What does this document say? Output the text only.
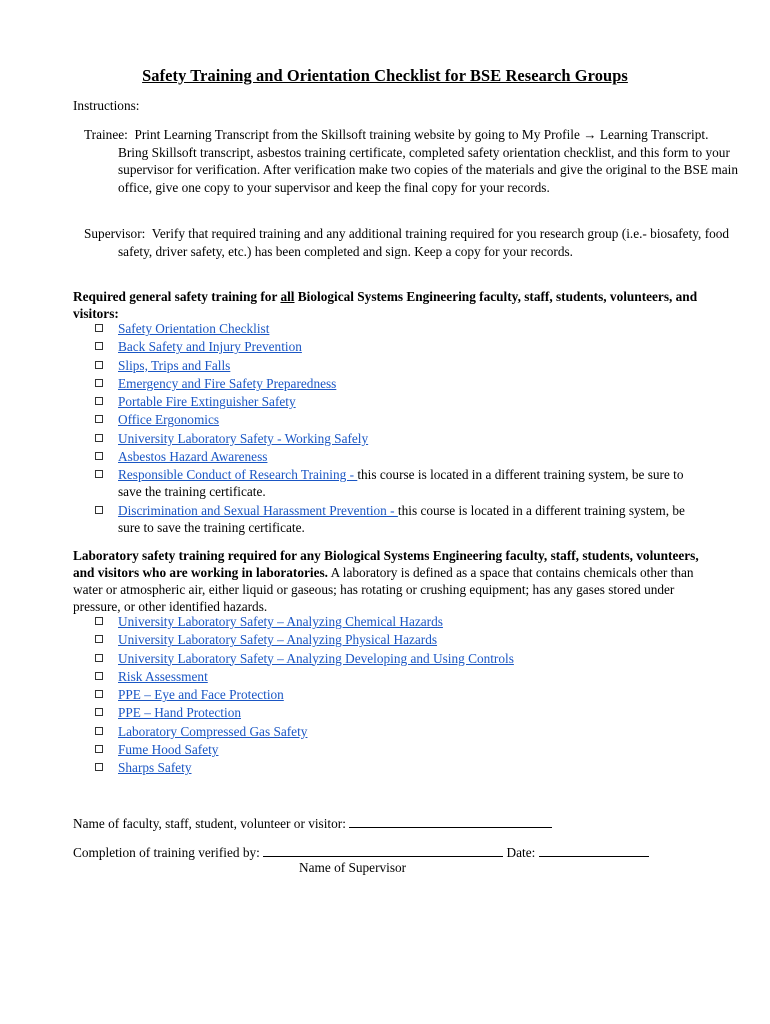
Safety Training and Orientation Checklist for BSE Research Groups
Instructions:
Trainee: Print Learning Transcript from the Skillsoft training website by going to My Profile → Learning Transcript. Bring Skillsoft transcript, asbestos training certificate, completed safety orientation checklist, and this form to your supervisor for verification. After verification make two copies of the materials and give the original to the BSE main office, give one copy to your supervisor and keep the final copy for your records.
Supervisor: Verify that required training and any additional training required for you research group (i.e.- biosafety, food safety, driver safety, etc.) has been completed and sign. Keep a copy for your records.
Required general safety training for all Biological Systems Engineering faculty, staff, students, volunteers, and visitors:
Safety Orientation Checklist
Back Safety and Injury Prevention
Slips, Trips and Falls
Emergency and Fire Safety Preparedness
Portable Fire Extinguisher Safety
Office Ergonomics
University Laboratory Safety - Working Safely
Asbestos Hazard Awareness
Responsible Conduct of Research Training - this course is located in a different training system, be sure to save the training certificate.
Discrimination and Sexual Harassment Prevention - this course is located in a different training system, be sure to save the training certificate.
Laboratory safety training required for any Biological Systems Engineering faculty, staff, students, volunteers, and visitors who are working in laboratories. A laboratory is defined as a space that contains chemicals other than water or atmospheric air, either liquid or gaseous; has rotating or crushing equipment; has any gases stored under pressure, or other identified hazards.
University Laboratory Safety – Analyzing Chemical Hazards
University Laboratory Safety – Analyzing Physical Hazards
University Laboratory Safety – Analyzing Developing and Using Controls
Risk Assessment
PPE – Eye and Face Protection
PPE – Hand Protection
Laboratory Compressed Gas Safety
Fume Hood Safety
Sharps Safety
Name of faculty, staff, student, volunteer or visitor:
Completion of training verified by:	Date:
Name of Supervisor
